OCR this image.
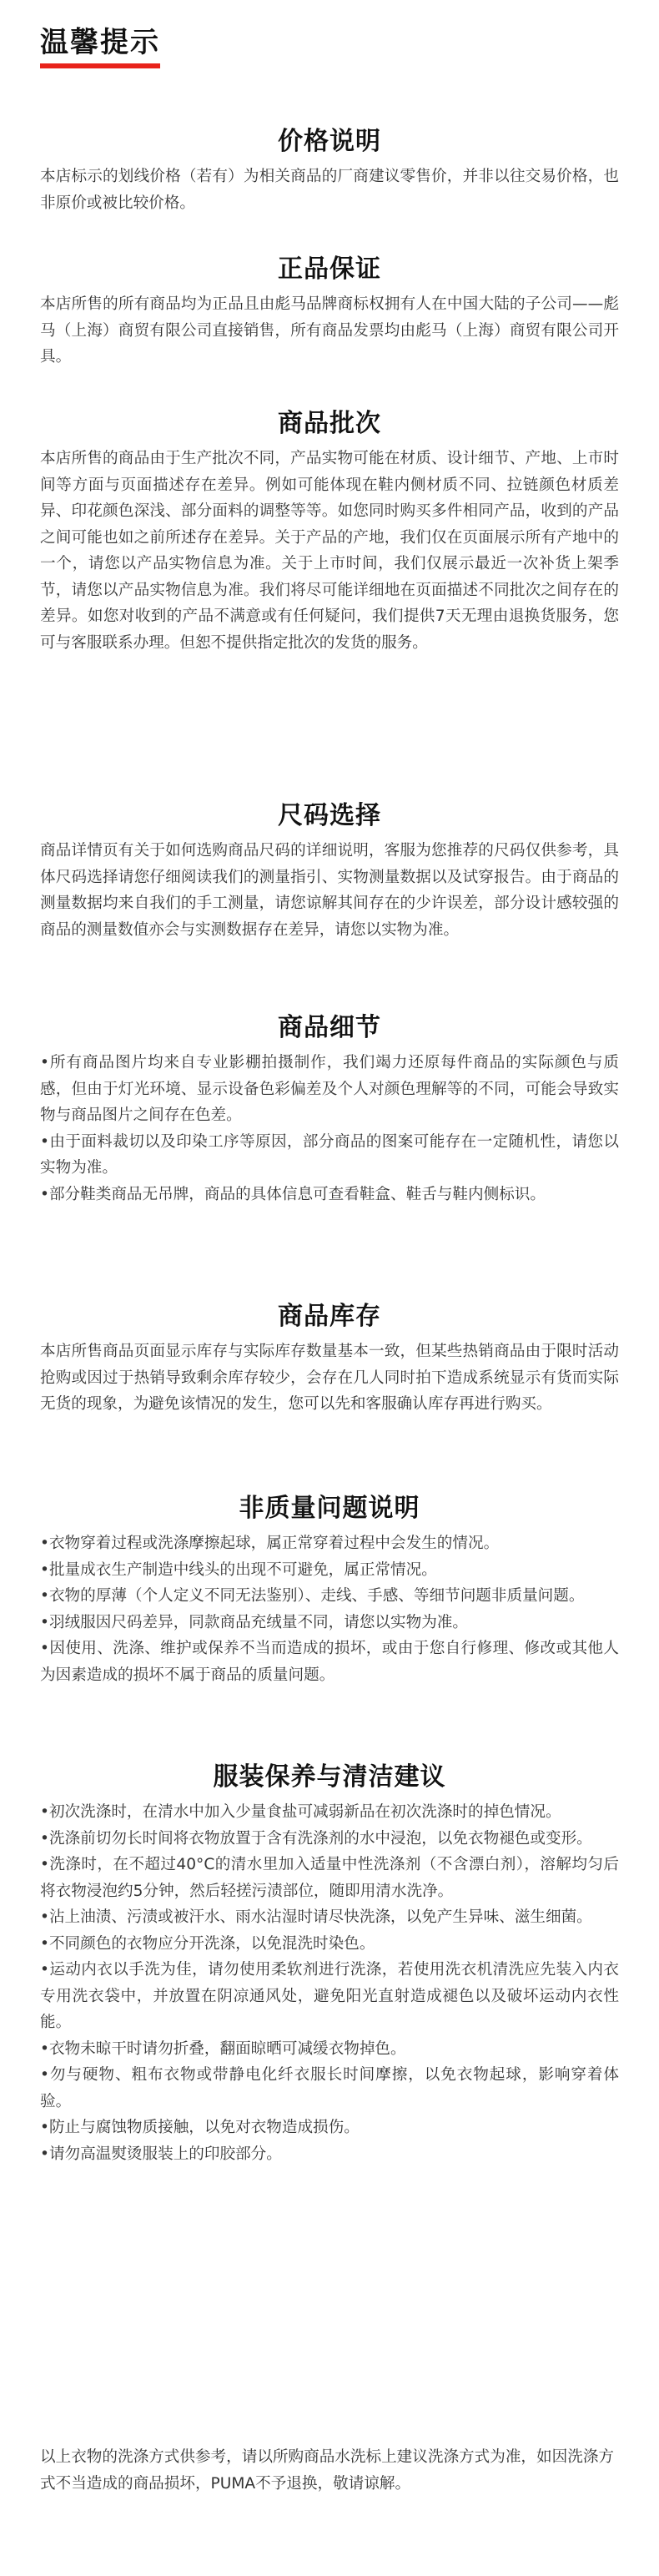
温馨提示
价格说明

本店标示的划线价格（若有）为相关商品的厂商建议零售价，并非以往交易价格，也非原价或被比较价格。

正品保证

本店所售的所有商品均为正品且由彪马品牌商标权拥有人在中国大陆的子公司——彪马（上海）商贸有限公司直接销售，所有商品发票均由彪马（上海）商贸有限公司开具。

商品批次

本店所售的商品由于生产批次不同，产品实物可能在材质、设计细节、产地、上市时间等方面与页面描述存在差异。例如可能体现在鞋内侧材质不同、拉链颜色材质差异、印花颜色深浅、部分面料的调整等等。如您同时购买多件相同产品，收到的产品之间可能也如之前所述存在差异。关于产品的产地，我们仅在页面展示所有产地中的一个，请您以产品实物信息为准。关于上市时间，我们仅展示最近一次补货上架季节，请您以产品实物信息为准。我们将尽可能详细地在页面描述不同批次之间存在的差异。如您对收到的产品不满意或有任何疑问，我们提供7天无理由退换货服务，您可与客服联系办理。但恕不提供指定批次的发货的服务。

尺码选择

商品详情页有关于如何选购商品尺码的详细说明，客服为您推荐的尺码仅供参考，具体尺码选择请您仔细阅读我们的测量指引、实物测量数据以及试穿报告。由于商品的测量数据均来自我们的手工测量，请您谅解其间存在的少许误差，部分设计感较强的商品的测量数值亦会与实测数据存在差异，请您以实物为准。

商品细节

•所有商品图片均来自专业影棚拍摄制作，我们竭力还原每件商品的实际颜色与质感，但由于灯光环境、显示设备色彩偏差及个人对颜色理解等的不同，可能会导致实物与商品图片之间存在色差。

•由于面料裁切以及印染工序等原因，部分商品的图案可能存在一定随机性，请您以实物为准。

•部分鞋类商品无吊牌，商品的具体信息可查看鞋盒、鞋舌与鞋内侧标识。

商品库存

本店所售商品页面显示库存与实际库存数量基本一致，但某些热销商品由于限时活动抢购或因过于热销导致剩余库存较少，会存在几人同时拍下造成系统显示有货而实际无货的现象，为避免该情况的发生，您可以先和客服确认库存再进行购买。

非质量问题说明

•衣物穿着过程或洗涤摩擦起球，属正常穿着过程中会发生的情况。

•批量成衣生产制造中线头的出现不可避免，属正常情况。

•衣物的厚薄（个人定义不同无法鉴别）、走线、手感、等细节问题非质量问题。

•羽绒服因尺码差异，同款商品充绒量不同，请您以实物为准。

•因使用、洗涤、维护或保养不当而造成的损坏，或由于您自行修理、修改或其他人为因素造成的损坏不属于商品的质量问题。

服装保养与清洁建议

•初次洗涤时，在清水中加入少量食盐可减弱新品在初次洗涤时的掉色情况。

•洗涤前切勿长时间将衣物放置于含有洗涤剂的水中浸泡，以免衣物褪色或变形。

•洗涤时，在不超过40°C的清水里加入适量中性洗涤剂（不含漂白剂），溶解均匀后将衣物浸泡约5分钟，然后轻搓污渍部位，随即用清水洗净。

•沾上油渍、污渍或被汗水、雨水沾湿时请尽快洗涤，以免产生异味、滋生细菌。

•不同颜色的衣物应分开洗涤，以免混洗时染色。

•运动内衣以手洗为佳，请勿使用柔软剂进行洗涤，若使用洗衣机清洗应先装入内衣专用洗衣袋中，并放置在阴凉通风处，避免阳光直射造成褪色以及破坏运动内衣性能。

•衣物未晾干时请勿折叠，翻面晾晒可减缓衣物掉色。

•勿与硬物、粗布衣物或带静电化纤衣服长时间摩擦，以免衣物起球，影响穿着体验。

•防止与腐蚀物质接触，以免对衣物造成损伤。

•请勿高温熨烫服装上的印胶部分。

以上衣物的洗涤方式供参考，请以所购商品水洗标上建议洗涤方式为准，如因洗涤方式不当造成的商品损坏，PUMA不予退换，敬请谅解。
